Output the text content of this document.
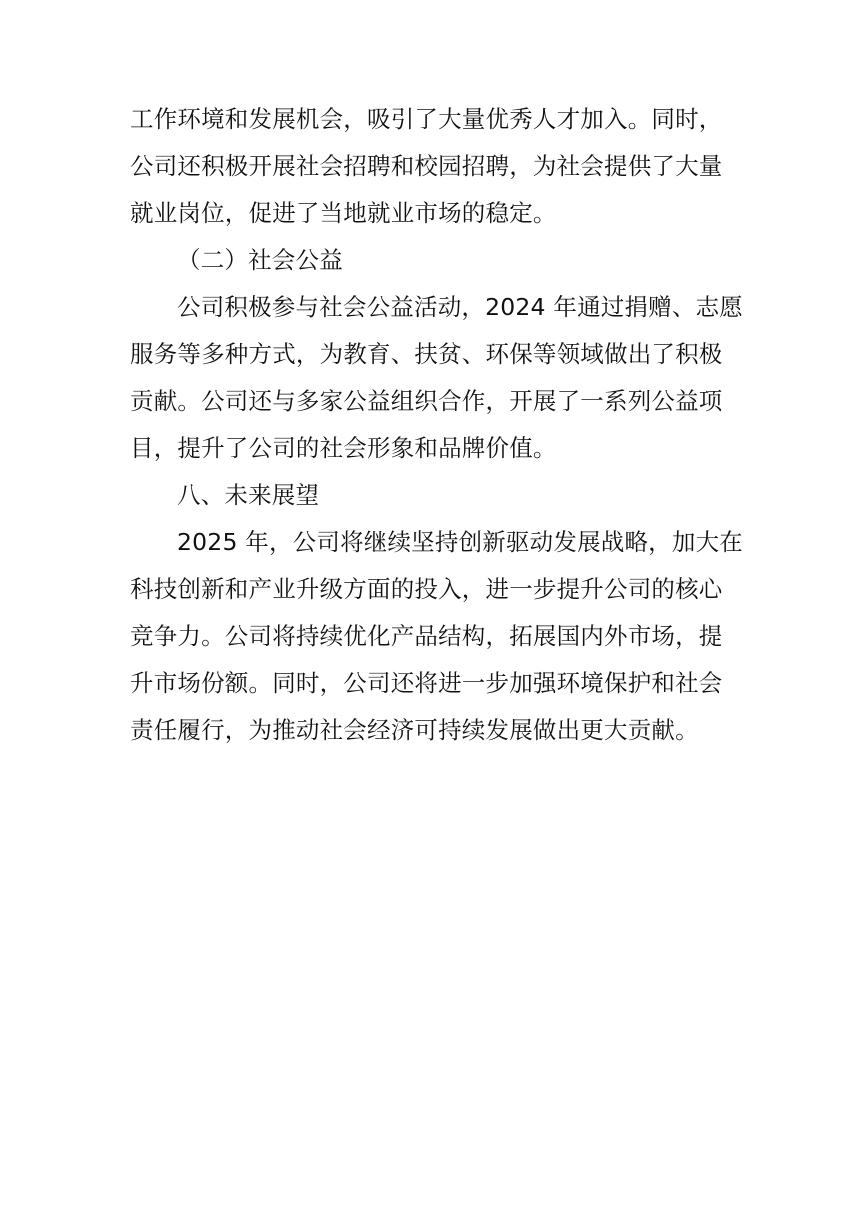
工作环境和发展机会，吸引了大量优秀人才加入。同时，
公司还积极开展社会招聘和校园招聘，为社会提供了大量
就业岗位，促进了当地就业市场的稳定。
（二）社会公益
公司积极参与社会公益活动，2024 年通过捐赠、志愿
服务等多种方式，为教育、扶贫、环保等领域做出了积极
贡献。公司还与多家公益组织合作，开展了一系列公益项
目，提升了公司的社会形象和品牌价值。
八、未来展望
2025 年，公司将继续坚持创新驱动发展战略，加大在
科技创新和产业升级方面的投入，进一步提升公司的核心
竞争力。公司将持续优化产品结构，拓展国内外市场，提
升市场份额。同时，公司还将进一步加强环境保护和社会
责任履行，为推动社会经济可持续发展做出更大贡献。
